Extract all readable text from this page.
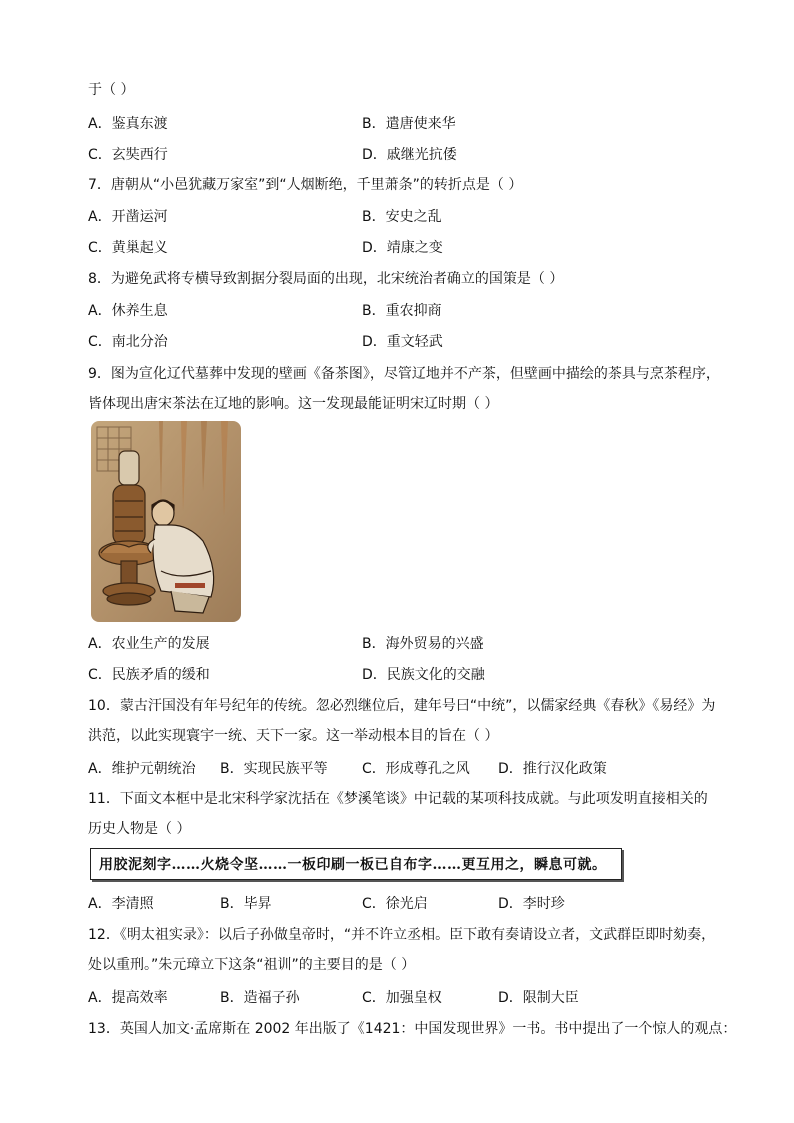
于（ ）
A．鉴真东渡	B．遣唐使来华
C．玄奘西行	D．戚继光抗倭
7．唐朝从“小邑犹藏万家室”到“人烟断绝，千里萧条”的转折点是（ ）
A．开凿运河	B．安史之乱
C．黄巢起义	D．靖康之变
8．为避免武将专横导致割据分裂局面的出现，北宋统治者确立的国策是（ ）
A．休养生息	B．重农抑商
C．南北分治	D．重文轻武
9．图为宣化辽代墓葬中发现的壁画《备茶图》，尽管辽地并不产茶，但壁画中描绘的茶具与烹茶程序，
皆体现出唐宋茶法在辽地的影响。这一发现最能证明宋辽时期（ ）
A．农业生产的发展	B．海外贸易的兴盛
C．民族矛盾的缓和	D．民族文化的交融
10．蒙古汗国没有年号纪年的传统。忽必烈继位后，建年号曰“中统”，以儒家经典《春秋》《易经》为
洪范，以此实现寰宇一统、天下一家。这一举动根本目的旨在（ ）
A．维护元朝统治 B．实现民族平等 C．形成尊孔之风 D．推行汉化政策
11．下面文本框中是北宋科学家沈括在《梦溪笔谈》中记载的某项科技成就。与此项发明直接相关的
历史人物是（ ）
用胶泥刻字……火烧令坚……一板印刷一板已自布字……更互用之，瞬息可就。
A．李清照	B．毕昇	C．徐光启	D．李时珍
12．《明太祖实录》：以后子孙做皇帝时，“并不许立丞相。臣下敢有奏请设立者，文武群臣即时劾奏，
处以重刑。”朱元璋立下这条“祖训”的主要目的是（ ）
A．提高效率	B．造福子孙	C．加强皇权	D．限制大臣
13．英国人加文·孟席斯在 2002 年出版了《1421：中国发现世界》一书。书中提出了一个惊人的观点：
